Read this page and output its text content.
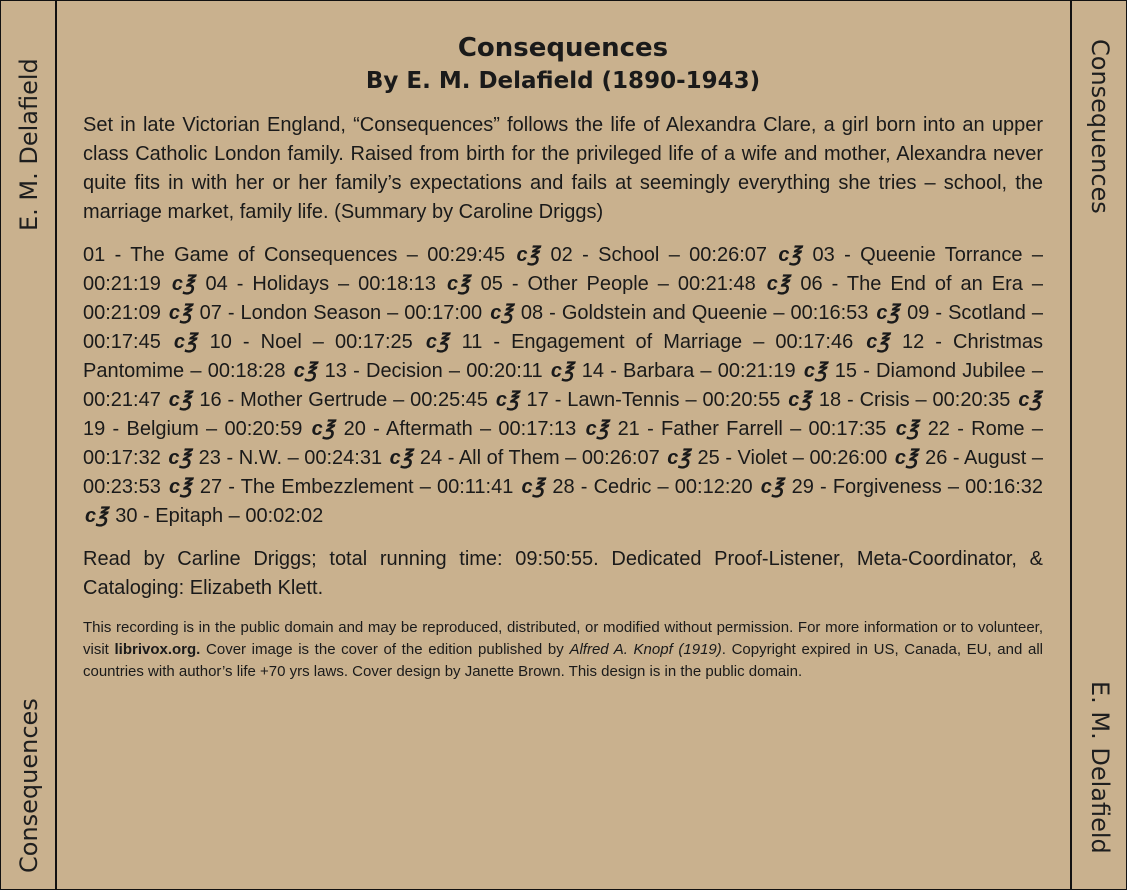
E. M. Delafield
Consequences
Consequences
E. M. Delafield
Consequences
By E. M. Delafield (1890-1943)

Set in late Victorian England, “Consequences” follows the life of Alexandra Clare, a girl born into an upper class Catholic London family. Raised from birth for the privileged life of a wife and mother, Alexandra never quite fits in with her or her family’s expectations and fails at seemingly everything she tries – school, the marriage market, family life. (Summary by Caroline Driggs)

01 - The Game of Consequences – 00:29:45 ᴄ℥ 02 - School – 00:26:07 ᴄ℥ 03 - Queenie Torrance – 00:21:19 ᴄ℥ 04 - Holidays – 00:18:13 ᴄ℥ 05 - Other People – 00:21:48 ᴄ℥ 06 - The End of an Era – 00:21:09 ᴄ℥ 07 - London Season – 00:17:00 ᴄ℥ 08 - Goldstein and Queenie – 00:16:53 ᴄ℥ 09 - Scotland – 00:17:45 ᴄ℥ 10 - Noel – 00:17:25 ᴄ℥ 11 - Engagement of Marriage – 00:17:46 ᴄ℥ 12 - Christmas Pantomime – 00:18:28 ᴄ℥ 13 - Decision – 00:20:11 ᴄ℥ 14 - Barbara – 00:21:19 ᴄ℥ 15 - Diamond Jubilee – 00:21:47 ᴄ℥ 16 - Mother Gertrude – 00:25:45 ᴄ℥ 17 - Lawn-Tennis – 00:20:55 ᴄ℥ 18 - Crisis – 00:20:35 ᴄ℥ 19 - Belgium – 00:20:59 ᴄ℥ 20 - Aftermath – 00:17:13 ᴄ℥ 21 - Father Farrell – 00:17:35 ᴄ℥ 22 - Rome – 00:17:32 ᴄ℥ 23 - N.W. – 00:24:31 ᴄ℥ 24 - All of Them – 00:26:07 ᴄ℥ 25 - Violet – 00:26:00 ᴄ℥ 26 - August – 00:23:53 ᴄ℥ 27 - The Embezzlement – 00:11:41 ᴄ℥ 28 - Cedric – 00:12:20 ᴄ℥ 29 - Forgiveness – 00:16:32 ᴄ℥ 30 - Epitaph – 00:02:02

Read by Carline Driggs; total running time: 09:50:55. Dedicated Proof-Listener, Meta-Coordinator, & Cataloging: Elizabeth Klett.

This recording is in the public domain and may be reproduced, distributed, or modified without permission. For more information or to volunteer, visit librivox.org. Cover image is the cover of the edition published by Alfred A. Knopf (1919). Copyright expired in US, Canada, EU, and all countries with author’s life +70 yrs laws. Cover design by Janette Brown. This design is in the public domain.
